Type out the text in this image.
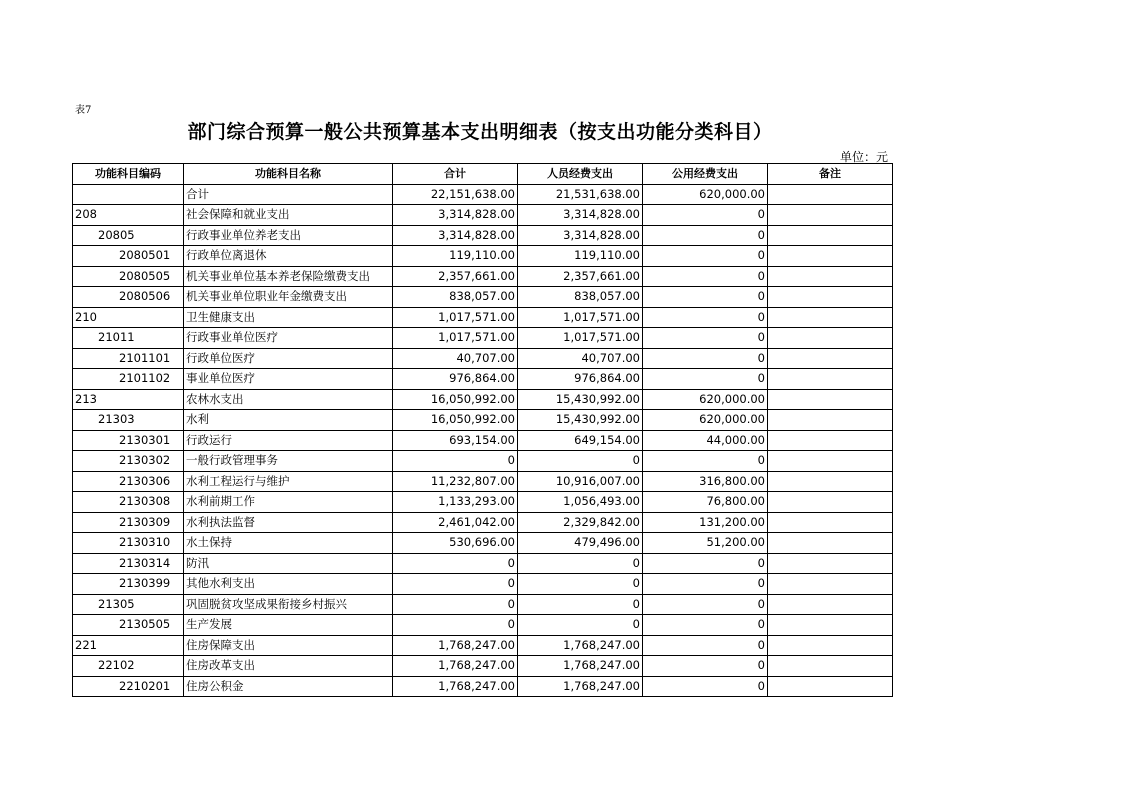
表7
部门综合预算一般公共预算基本支出明细表（按支出功能分类科目）
单位：元
功能科目编码	功能科目名称	合计	人员经费支出	公用经费支出	备注
	合计	22,151,638.00	21,531,638.00	620,000.00	
208	社会保障和就业支出	3,314,828.00	3,314,828.00	0	
20805	行政事业单位养老支出	3,314,828.00	3,314,828.00	0	
2080501	行政单位离退休	119,110.00	119,110.00	0	
2080505	机关事业单位基本养老保险缴费支出	2,357,661.00	2,357,661.00	0	
2080506	机关事业单位职业年金缴费支出	838,057.00	838,057.00	0	
210	卫生健康支出	1,017,571.00	1,017,571.00	0	
21011	行政事业单位医疗	1,017,571.00	1,017,571.00	0	
2101101	行政单位医疗	40,707.00	40,707.00	0	
2101102	事业单位医疗	976,864.00	976,864.00	0	
213	农林水支出	16,050,992.00	15,430,992.00	620,000.00	
21303	水利	16,050,992.00	15,430,992.00	620,000.00	
2130301	行政运行	693,154.00	649,154.00	44,000.00	
2130302	一般行政管理事务	0	0	0	
2130306	水利工程运行与维护	11,232,807.00	10,916,007.00	316,800.00	
2130308	水利前期工作	1,133,293.00	1,056,493.00	76,800.00	
2130309	水利执法监督	2,461,042.00	2,329,842.00	131,200.00	
2130310	水土保持	530,696.00	479,496.00	51,200.00	
2130314	防汛	0	0	0	
2130399	其他水利支出	0	0	0	
21305	巩固脱贫攻坚成果衔接乡村振兴	0	0	0	
2130505	生产发展	0	0	0	
221	住房保障支出	1,768,247.00	1,768,247.00	0	
22102	住房改革支出	1,768,247.00	1,768,247.00	0	
2210201	住房公积金	1,768,247.00	1,768,247.00	0	
